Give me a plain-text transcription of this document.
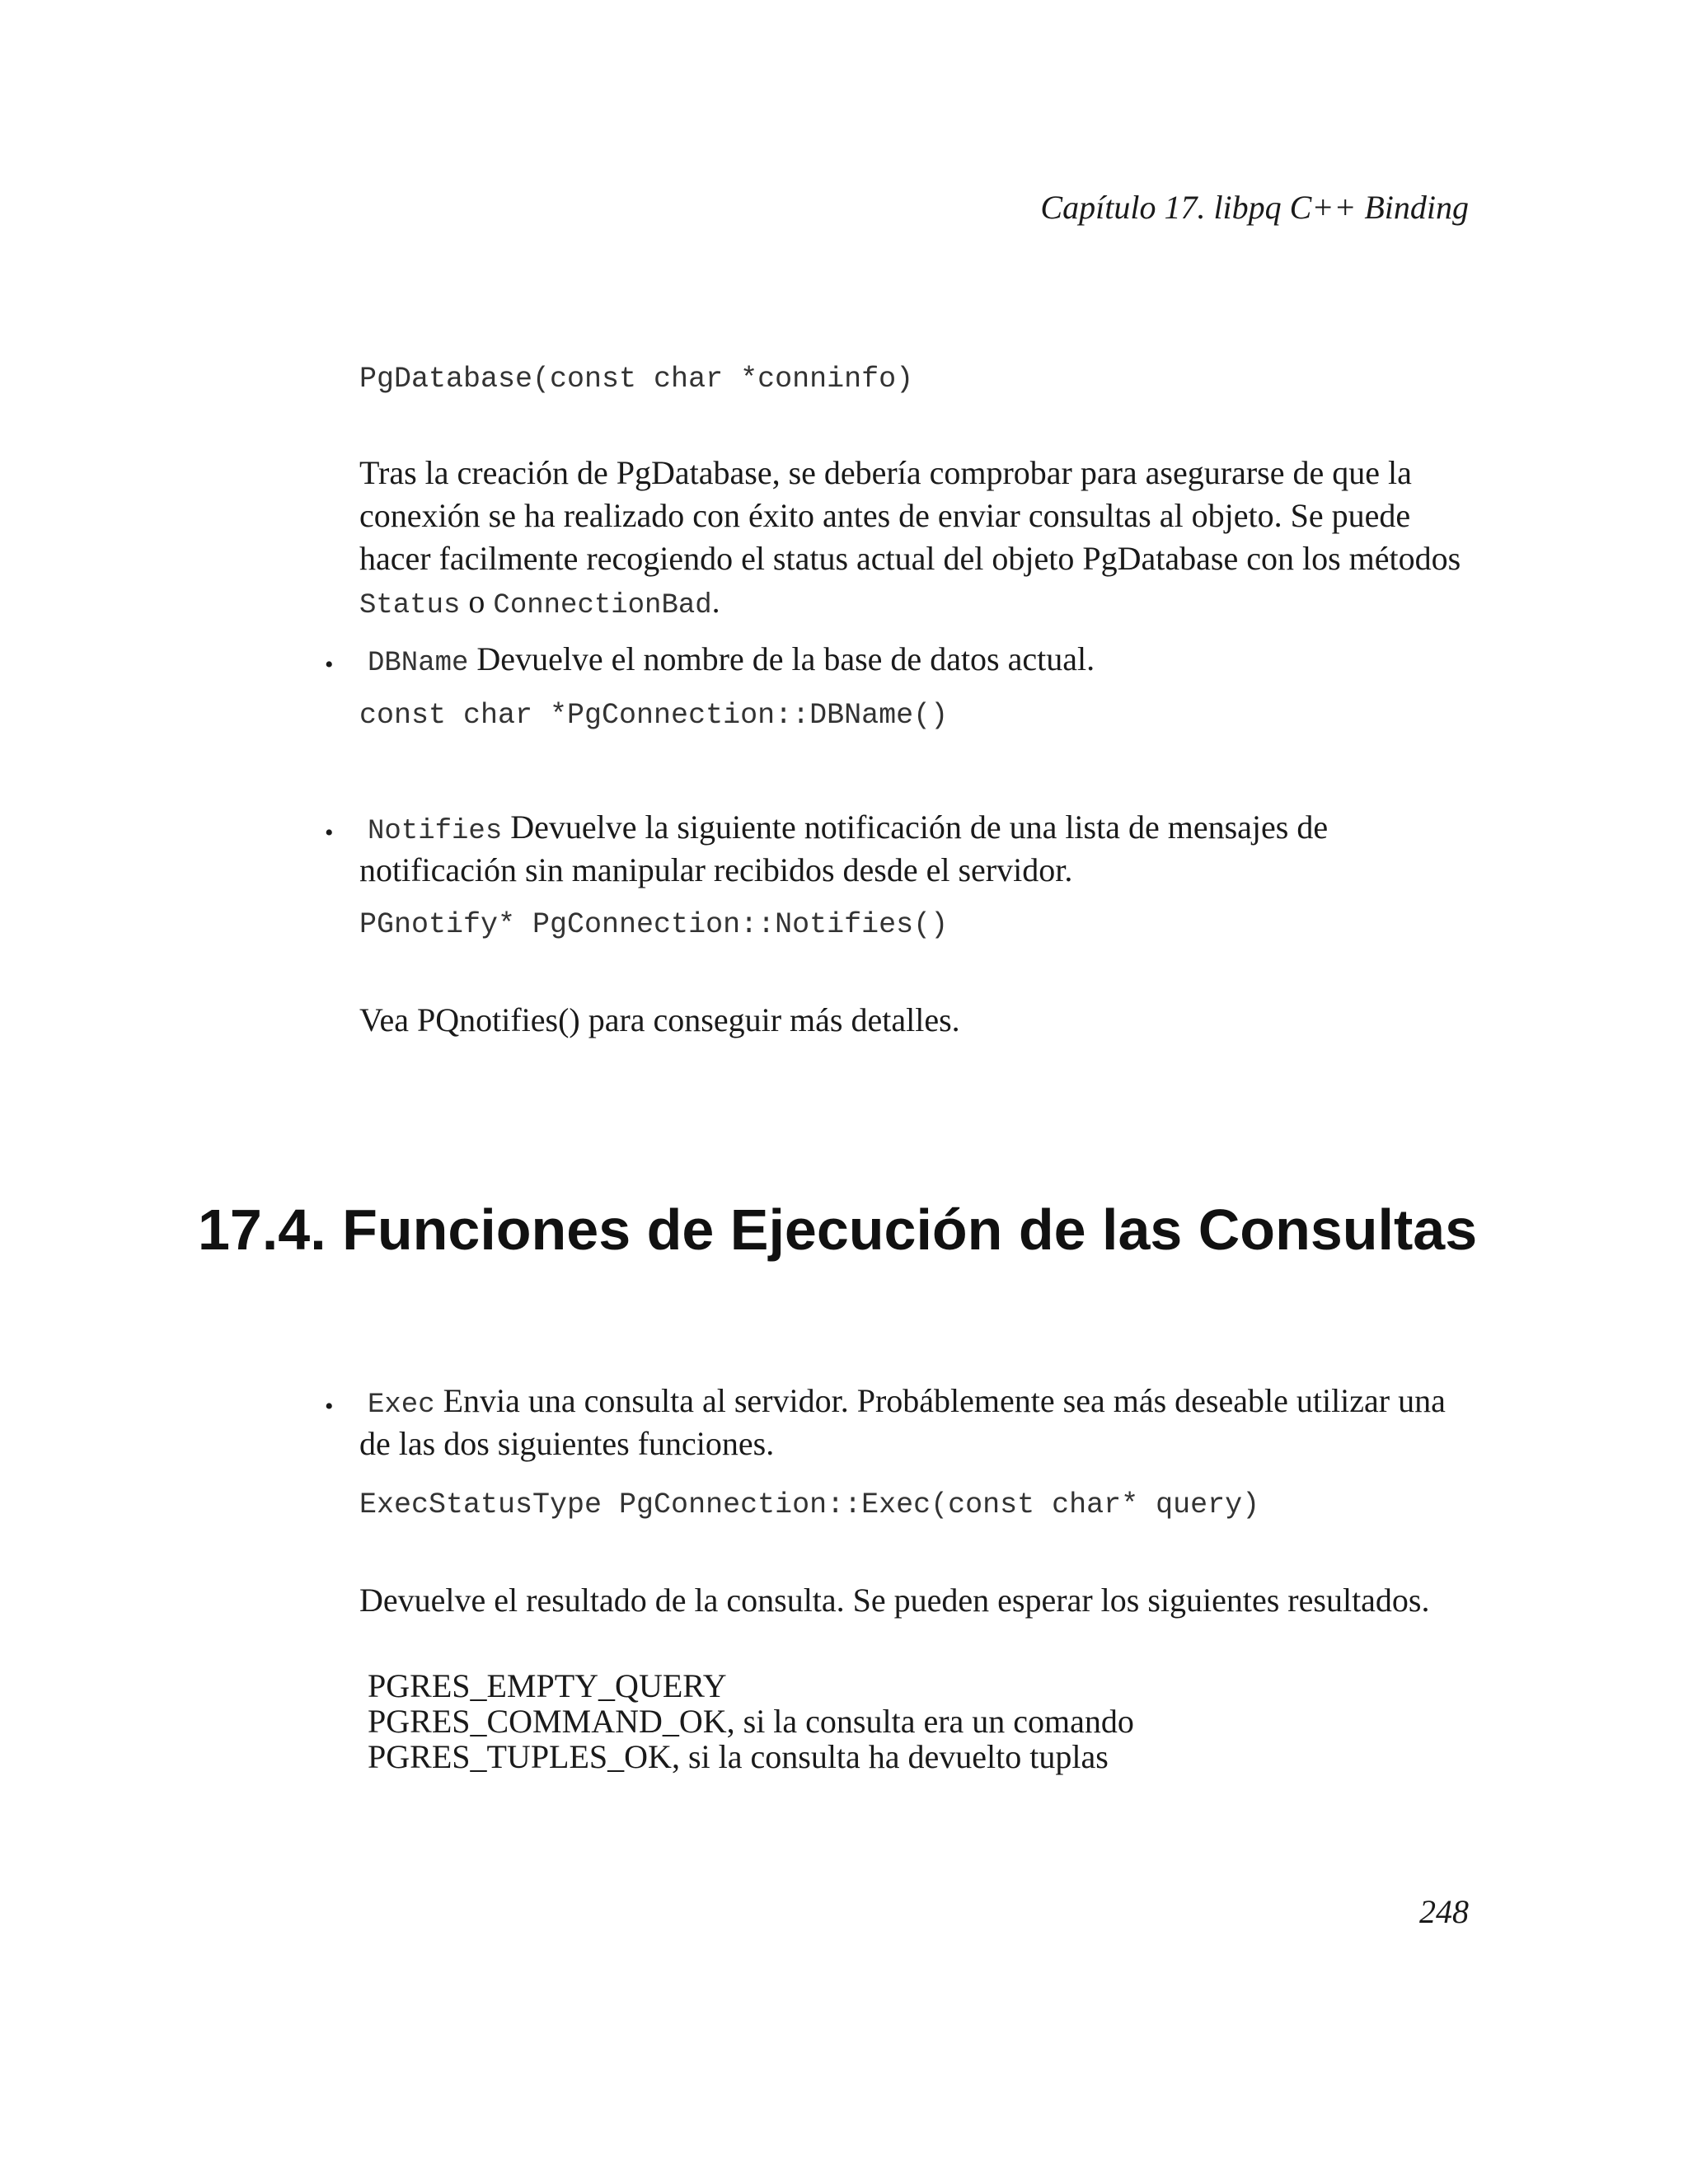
Capítulo 17. libpq C++ Binding
PgDatabase(const char *conninfo)
Tras la creación de PgDatabase, se debería comprobar para asegurarse de que la
conexión se ha realizado con éxito antes de enviar consultas al objeto. Se puede
hacer facilmente recogiendo el status actual del objeto PgDatabase con los métodos
Status o ConnectionBad.
• DBName Devuelve el nombre de la base de datos actual.
const char *PgConnection::DBName()
• Notifies Devuelve la siguiente notificación de una lista de mensajes de
notificación sin manipular recibidos desde el servidor.
PGnotify* PgConnection::Notifies()
Vea PQnotifies() para conseguir más detalles.
17.4. Funciones de Ejecución de las Consultas
• Exec Envia una consulta al servidor. Probáblemente sea más deseable utilizar una
de las dos siguientes funciones.
ExecStatusType PgConnection::Exec(const char* query)
Devuelve el resultado de la consulta. Se pueden esperar los siguientes resultados.
PGRES_EMPTY_QUERY
PGRES_COMMAND_OK, si la consulta era un comando
PGRES_TUPLES_OK, si la consulta ha devuelto tuplas
248
